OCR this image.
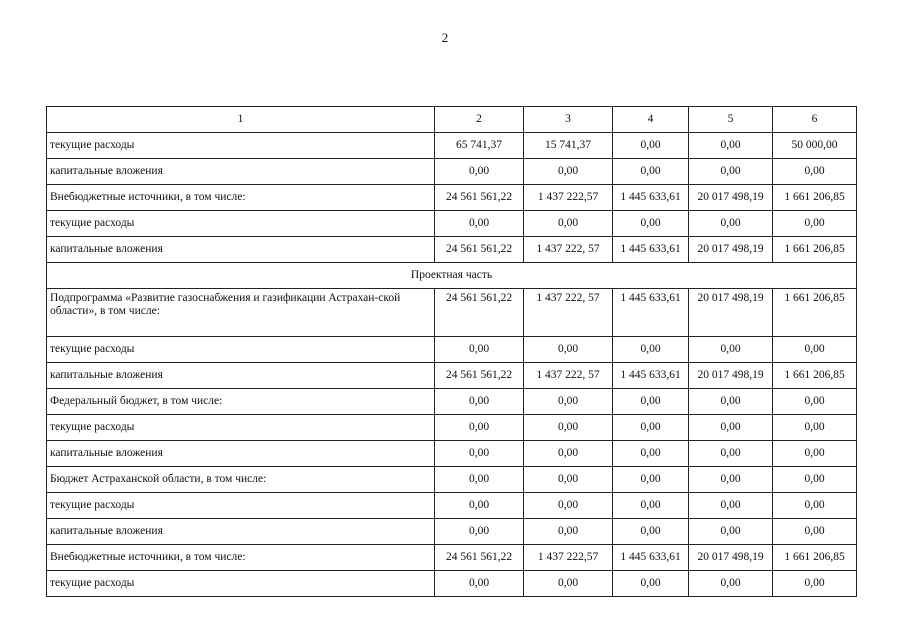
2
1	2	3	4	5	6
текущие расходы	65 741,37	15 741,37	0,00	0,00	50 000,00
капитальные вложения	0,00	0,00	0,00	0,00	0,00
Внебюджетные источники, в том числе:	24 561 561,22	1 437 222,57	1 445 633,61	20 017 498,19	1 661 206,85
текущие расходы	0,00	0,00	0,00	0,00	0,00
капитальные вложения	24 561 561,22	1 437 222, 57	1 445 633,61	20 017 498,19	1 661 206,85
Проектная часть					
Подпрограмма «Развитие газоснабжения и газификации Астрахан-ской области», в том числе:	24 561 561,22	1 437 222, 57	1 445 633,61	20 017 498,19	1 661 206,85
текущие расходы	0,00	0,00	0,00	0,00	0,00
капитальные вложения	24 561 561,22	1 437 222, 57	1 445 633,61	20 017 498,19	1 661 206,85
Федеральный бюджет, в том числе:	0,00	0,00	0,00	0,00	0,00
текущие расходы	0,00	0,00	0,00	0,00	0,00
капитальные вложения	0,00	0,00	0,00	0,00	0,00
Бюджет Астраханской области, в том числе:	0,00	0,00	0,00	0,00	0,00
текущие расходы	0,00	0,00	0,00	0,00	0,00
капитальные вложения	0,00	0,00	0,00	0,00	0,00
Внебюджетные источники, в том числе:	24 561 561,22	1 437 222,57	1 445 633,61	20 017 498,19	1 661 206,85
текущие расходы	0,00	0,00	0,00	0,00	0,00
